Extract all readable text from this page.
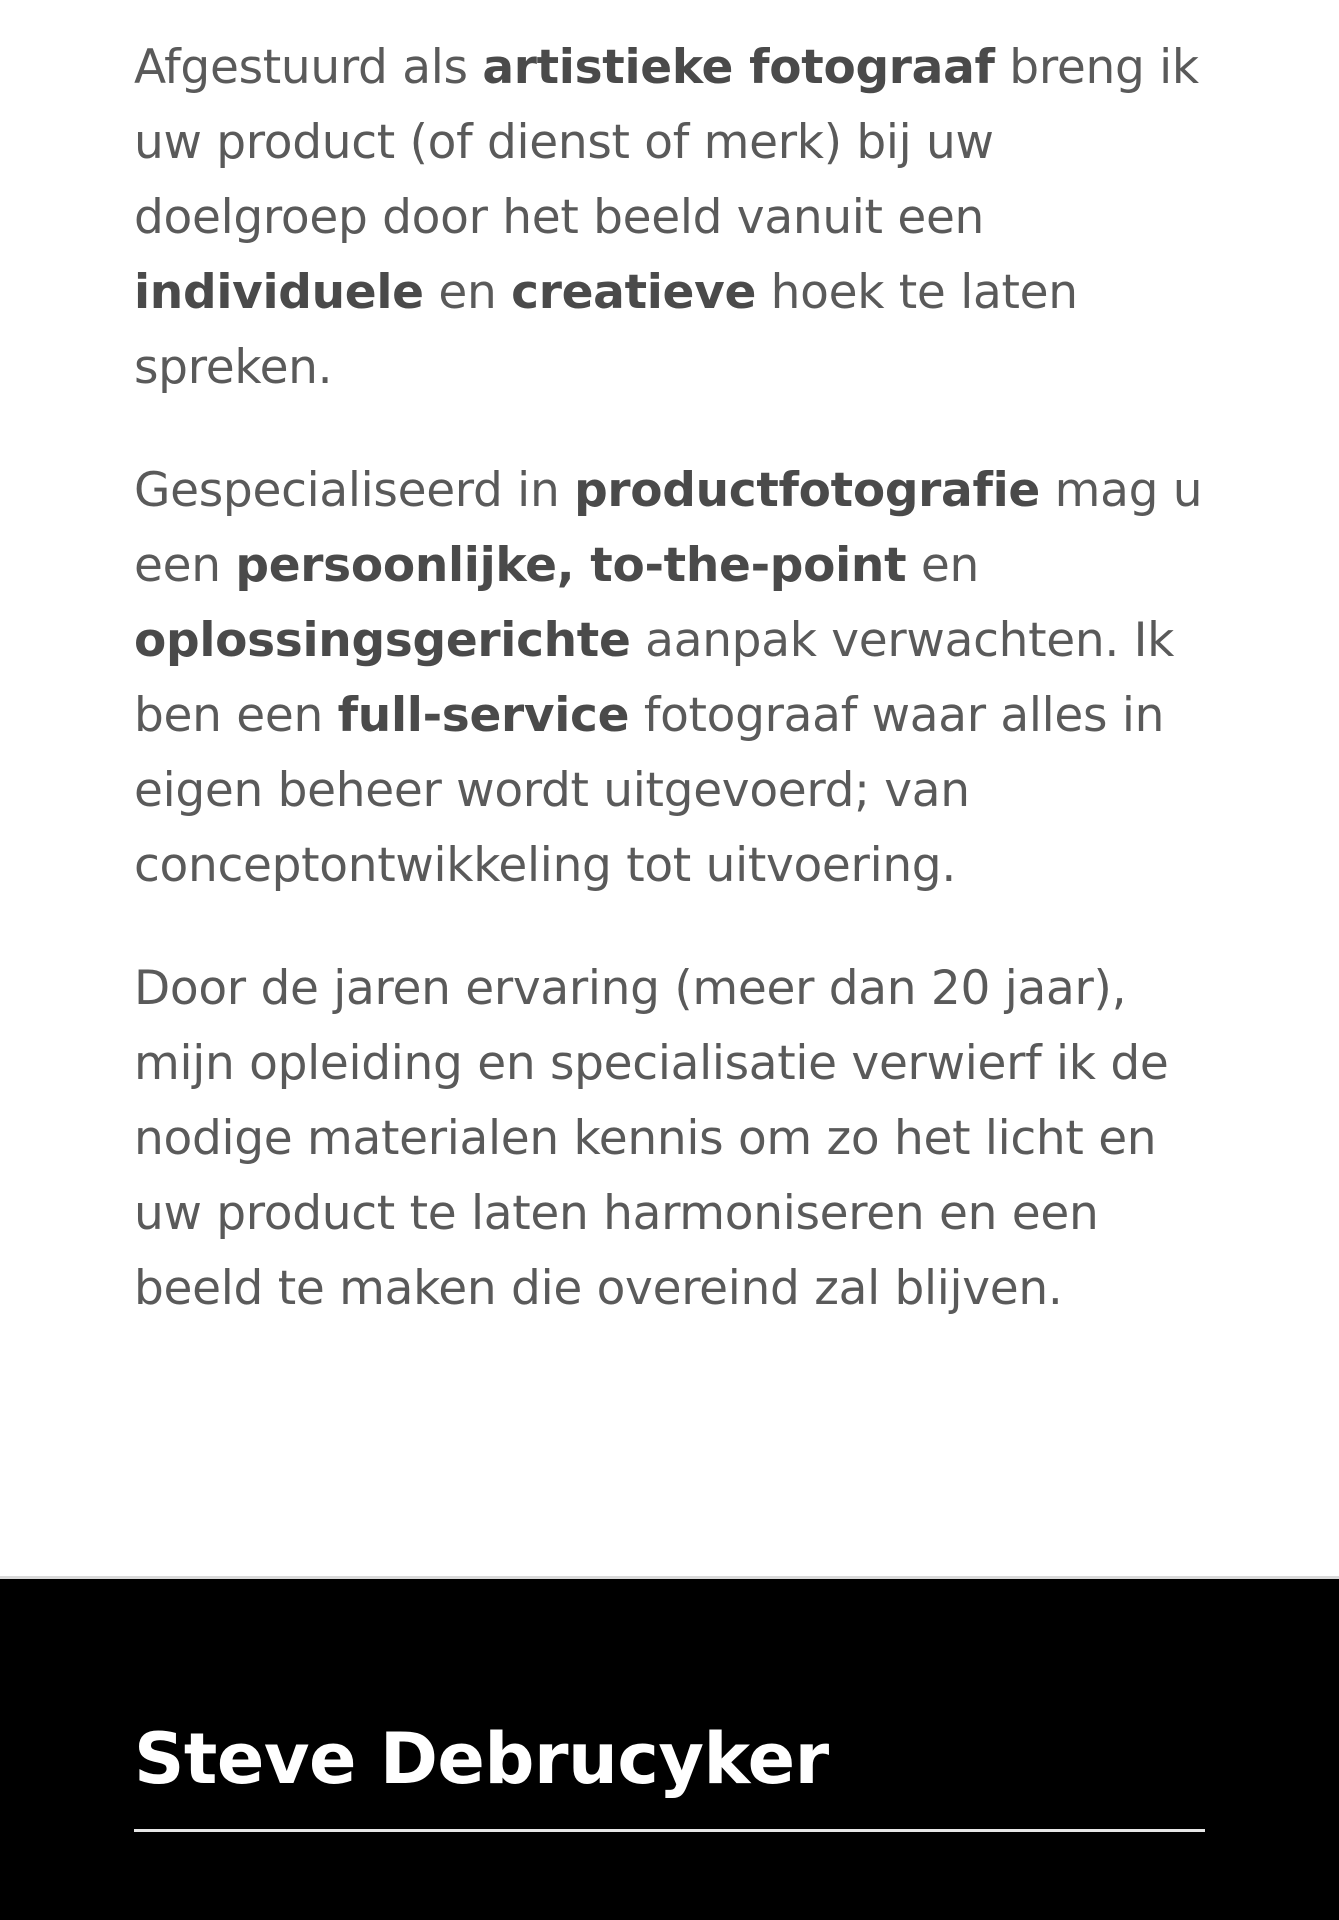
Afgestuurd als artistieke fotograaf breng ik uw product (of dienst of merk) bij uw doelgroep door het beeld vanuit een individuele en creatieve hoek te laten spreken.

Gespecialiseerd in productfotografie mag u een persoonlijke, to-the-point en oplossingsgerichte aanpak verwachten. Ik ben een full-service fotograaf waar alles in eigen beheer wordt uitgevoerd; van conceptontwikkeling tot uitvoering.

Door de jaren ervaring (meer dan 20 jaar), mijn opleiding en specialisatie verwierf ik de nodige materialen kennis om zo het licht en uw product te laten harmoniseren en een beeld te maken die overeind zal blijven.

Steve Debrucyker
